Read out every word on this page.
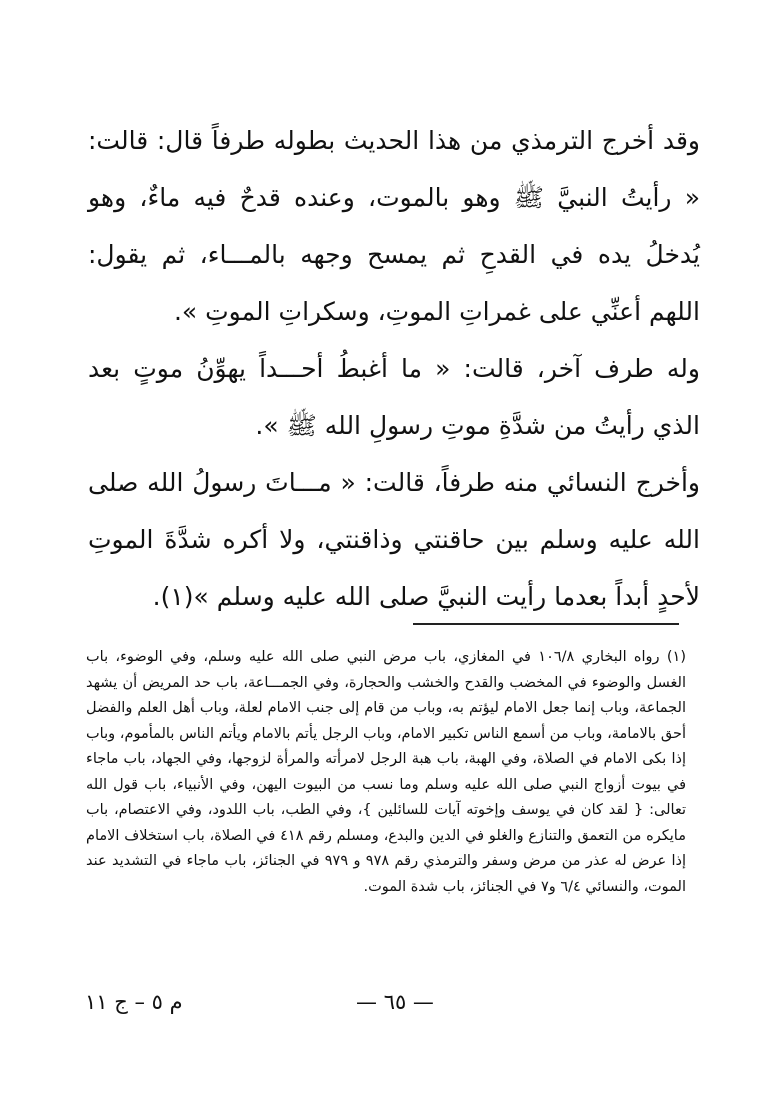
وقد أخرج الترمذي من هذا الحديث بطوله طرفاً قال: قالت: « رأيتُ النبيَّ ﷺ وهو بالموت، وعنده قدحٌ فيه ماءٌ، وهو يُدخلُ يده في القدحِ ثم يمسح وجهه بالمـــاء، ثم يقول: اللهم أعنِّي على غمراتِ الموتِ، وسكراتِ الموتِ ».

وله طرف آخر، قالت: « ما أغبطُ أحـــداً يهوِّنُ موتٍ بعد الذي رأيتُ من شدَّةِ موتِ رسولِ الله ﷺ ».

وأخرج النسائي منه طرفاً، قالت: « مـــاتَ رسولُ الله صلى الله عليه وسلم بين حاقنتي وذاقنتي، ولا أكره شدَّةَ الموتِ لأحدٍ أبداً بعدما رأيت النبيَّ صلى الله عليه وسلم »(١).

(١) رواه البخاري ١٠٦/٨ في المغازي، باب مرض النبي صلى الله عليه وسلم، وفي الوضوء، باب الغسل والوضوء في المخضب والقدح والخشب والحجارة، وفي الجمـــاعة، باب حد المريض أن يشهد الجماعة، وباب إنما جعل الامام ليؤتم به، وباب من قام إلى جنب الامام لعلة، وباب أهل العلم والفضل أحق بالامامة، وباب من أسمع الناس تكبير الامام، وباب الرجل يأتم بالامام ويأتم الناس بالمأموم، وباب إذا بكى الامام في الصلاة، وفي الهبة، باب هبة الرجل لامرأته والمرأة لزوجها، وفي الجهاد، باب ماجاء في بيوت أزواج النبي صلى الله عليه وسلم وما نسب من البيوت اليهن، وفي الأنبياء، باب قول الله تعالى: { لقد كان في يوسف وإخوته آيات للسائلين }، وفي الطب، باب اللدود، وفي الاعتصام، باب مايكره من التعمق والتنازع والغلو في الدين والبدع، ومسلم رقم ٤١٨ في الصلاة، باب استخلاف الامام إذا عرض له عذر من مرض وسفر والترمذي رقم ٩٧٨ و ٩٧٩ في الجنائز، باب ماجاء في التشديد عند الموت، والنسائي ٦/٤ و٧ في الجنائز، باب شدة الموت.

— ٦٥ —
م ٥ – ج ١١
